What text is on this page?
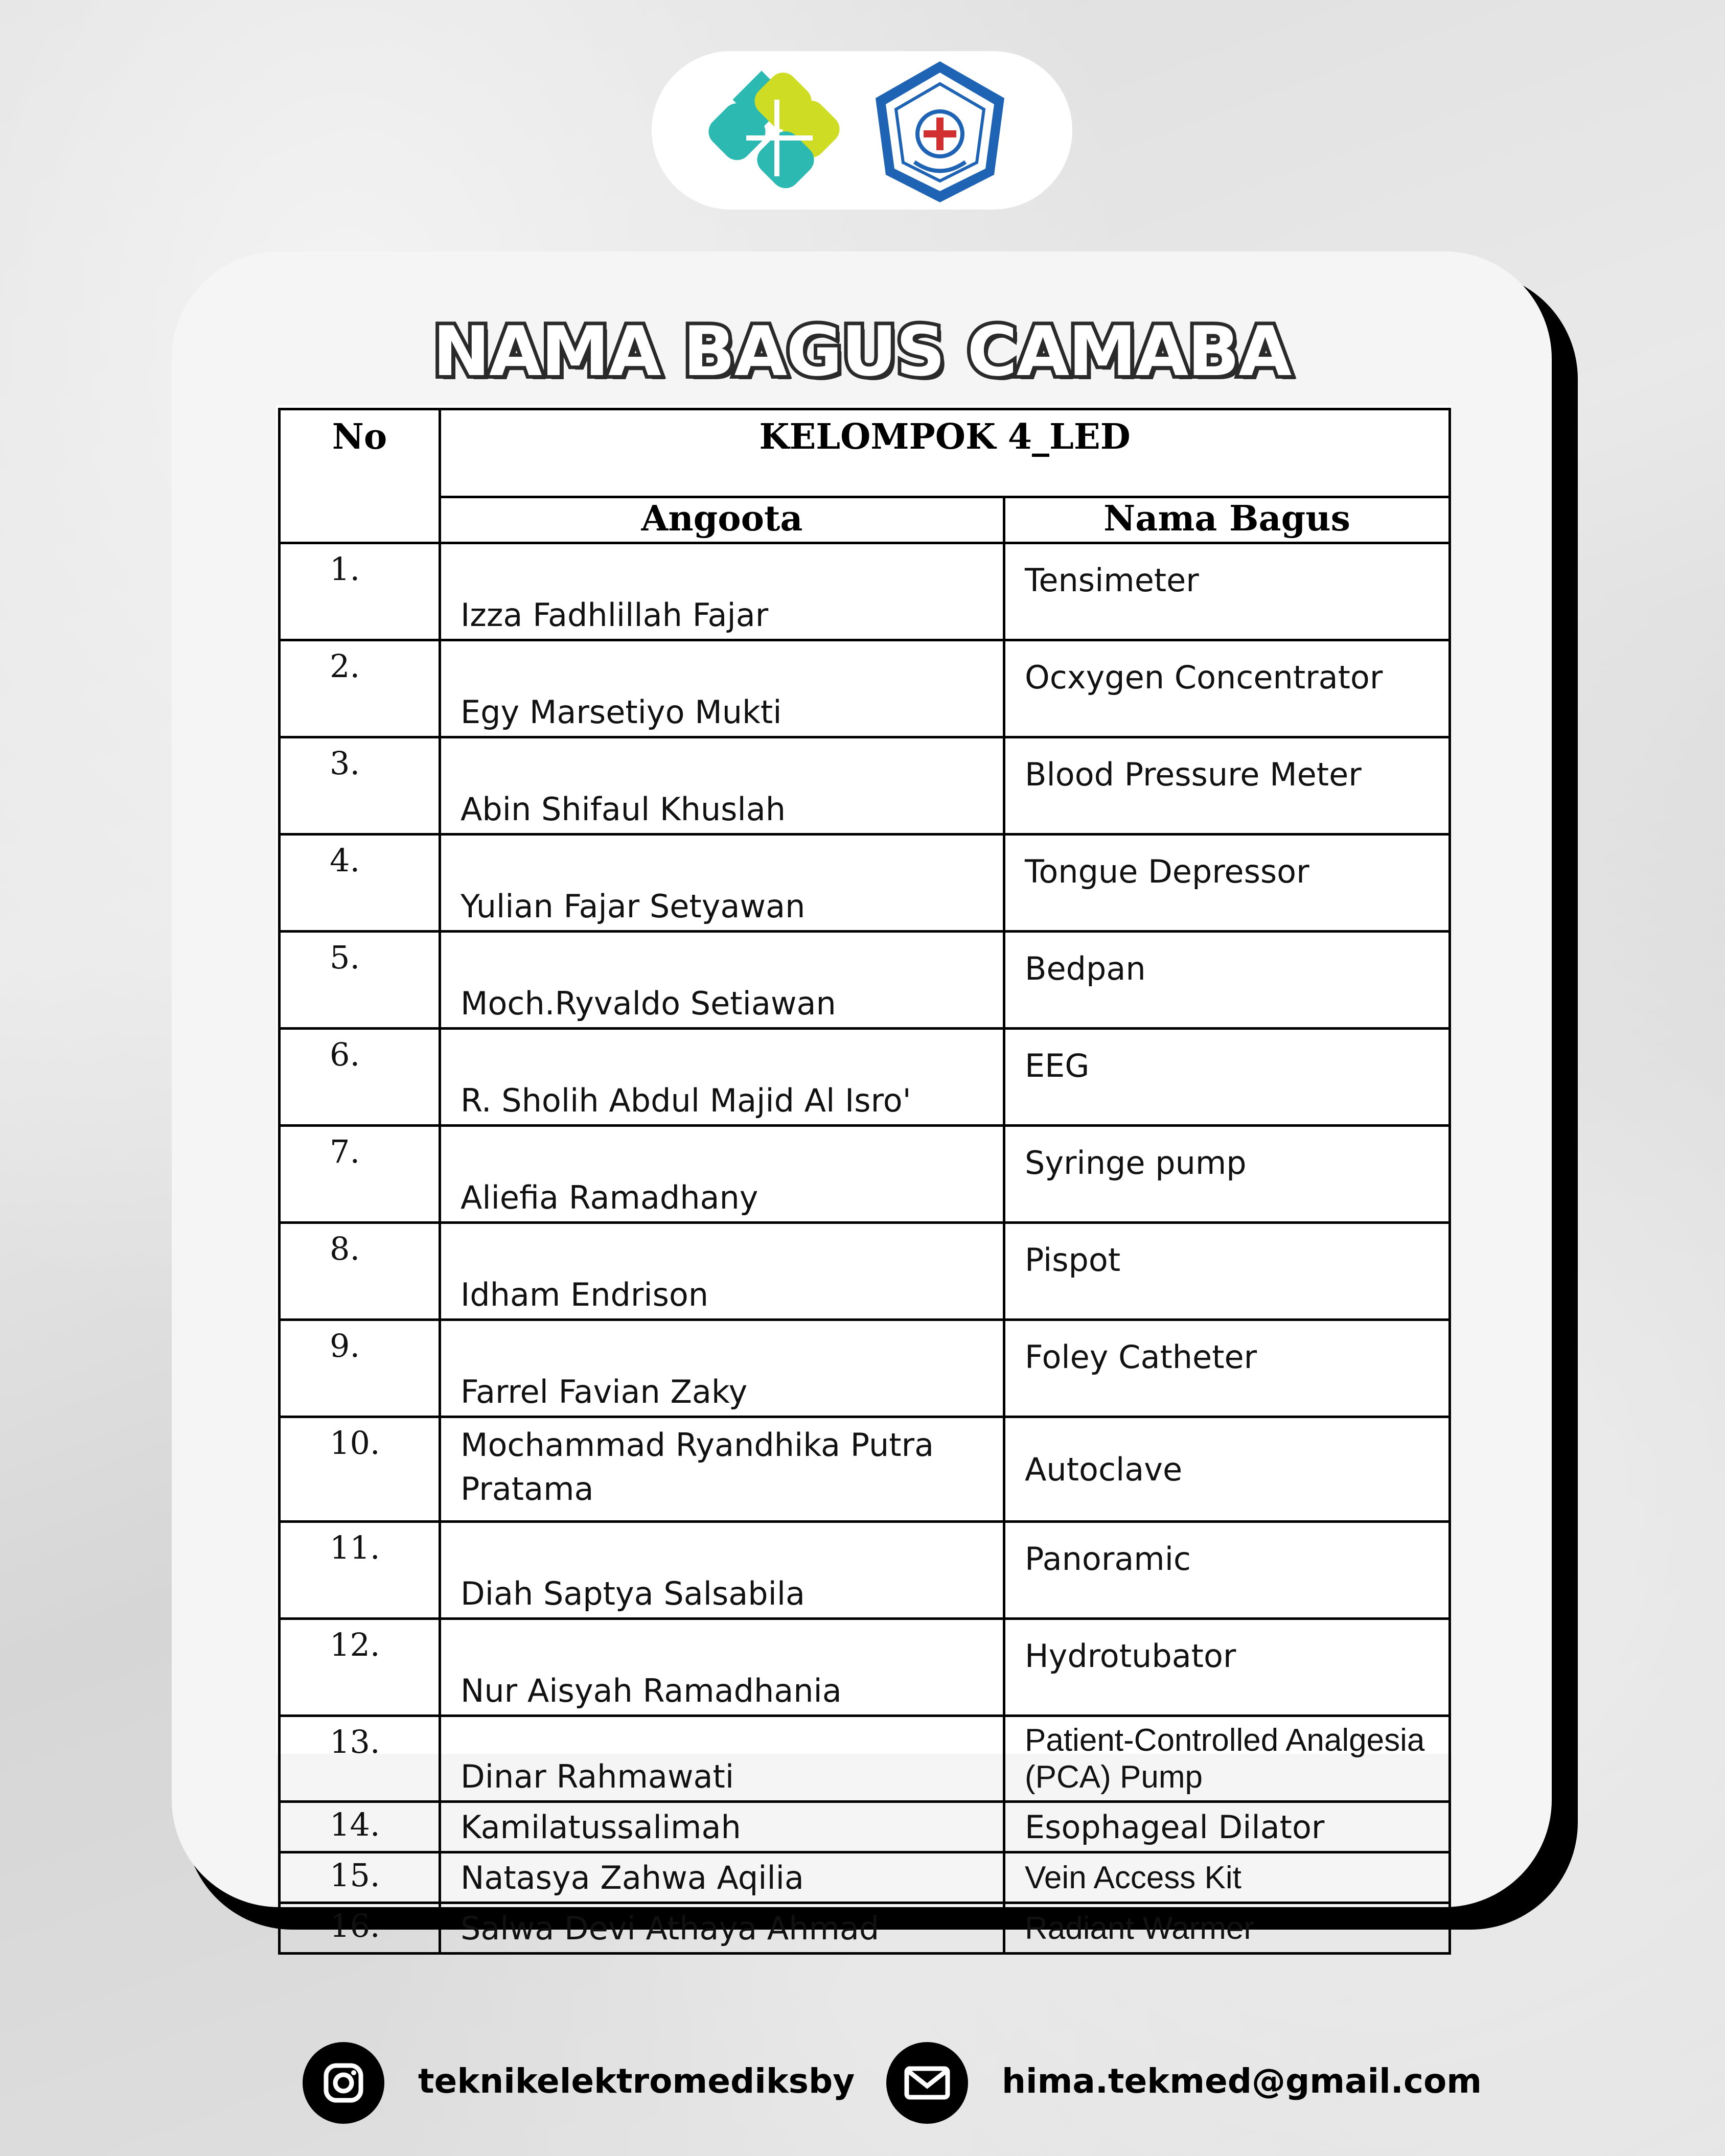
NAMA BAGUS CAMABA
No	KELOMPOK 4_LED	
	Angoota	Nama Bagus
1.	Izza Fadhlillah Fajar	Tensimeter
2.	Egy Marsetiyo Mukti	Ocxygen Concentrator
3.	Abin Shifaul Khuslah	Blood Pressure Meter
4.	Yulian Fajar Setyawan	Tongue Depressor
5.	Moch.Ryvaldo Setiawan	Bedpan
6.	R. Sholih Abdul Majid Al Isro'	EEG
7.	Aliefia Ramadhany	Syringe pump
8.	Idham Endrison	Pispot
9.	Farrel Favian Zaky	Foley Catheter
10.	Mochammad Ryandhika Putra Pratama	Autoclave
11.	Diah Saptya Salsabila	Panoramic
12.	Nur Aisyah Ramadhania	Hydrotubator
13.	Dinar Rahmawati	Patient-Controlled Analgesia (PCA) Pump
14.	Kamilatussalimah	Esophageal Dilator
15.	Natasya Zahwa Aqilia	Vein Access Kit
16.	Salwa Devi Athaya Ahmad	Radiant Warmer
teknikelektromediksby	hima.tekmed@gmail.com
